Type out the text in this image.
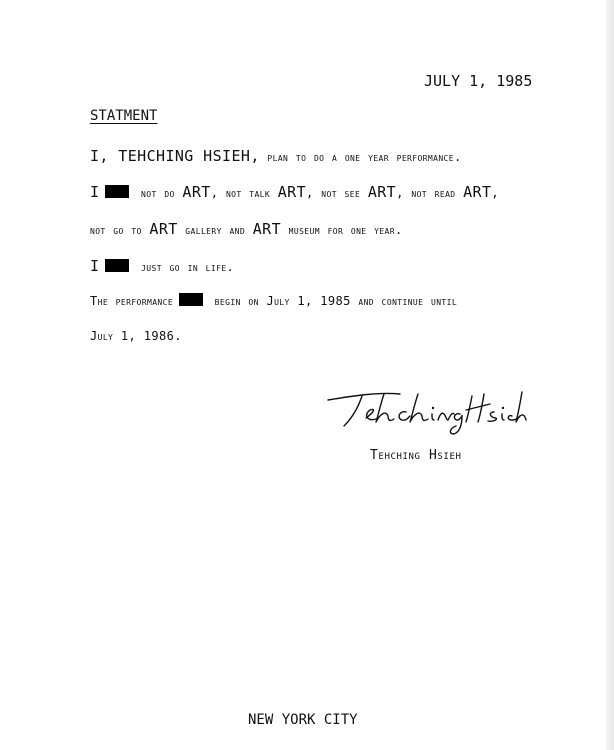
JULY 1, 1985
STATMENT
I, TEHCHING HSIEH, plan to do a one year performance.
I	not do ART, not talk ART, not see ART, not read ART,
not go to ART gallery and ART museum for one year.
I	just go in life.
The performance	begin on July 1, 1985 and continue until
July 1, 1986.
Tehching Hsieh
NEW YORK CITY
